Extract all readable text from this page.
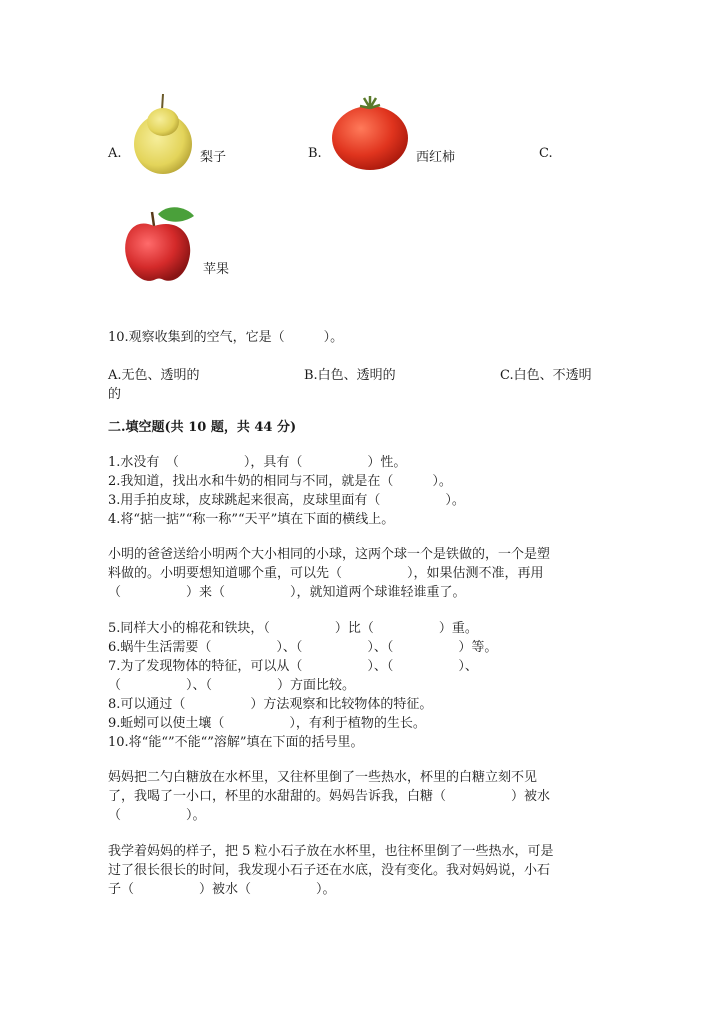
A.	梨子	B.	西红柿	C.
苹果
10.观察收集到的空气，它是（　　　）。
A.无色、透明的	B.白色、透明的	C.白色、不透明
的
二.填空题(共 10 题，共 44 分)
1.水没有　（　　　　　），具有（　　　　　）性。
2.我知道，找出水和牛奶的相同与不同，就是在（　　　）。
3.用手拍皮球，皮球跳起来很高，皮球里面有（　　　　　）。
4.将“掂一掂”“称一称”“天平”填在下面的横线上。
小明的爸爸送给小明两个大小相同的小球，这两个球一个是铁做的，一个是塑
料做的。小明要想知道哪个重，可以先（　　　　　），如果估测不准，再用
（　　　　　）来（　　　　　），就知道两个球谁轻谁重了。
5.同样大小的棉花和铁块，（　　　　　）比（　　　　　）重。
6.蜗牛生活需要（　　　　　）、（　　　　　）、（　　　　　）等。
7.为了发现物体的特征，可以从（　　　　　）、（　　　　　）、
（　　　　　）、（　　　　　）方面比较。
8.可以通过（　　　　　）方法观察和比较物体的特征。
9.蚯蚓可以使土壤（　　　　　），有利于植物的生长。
10.将“能“”不能“”溶解”填在下面的括号里。
妈妈把二勺白糖放在水杯里，又往杯里倒了一些热水，杯里的白糖立刻不见
了，我喝了一小口，杯里的水甜甜的。妈妈告诉我，白糖（　　　　　）被水
（　　　　　）。
我学着妈妈的样子，把 5 粒小石子放在水杯里，也往杯里倒了一些热水，可是
过了很长很长的时间，我发现小石子还在水底，没有变化。我对妈妈说，小石
子（　　　　　）被水（　　　　　）。
